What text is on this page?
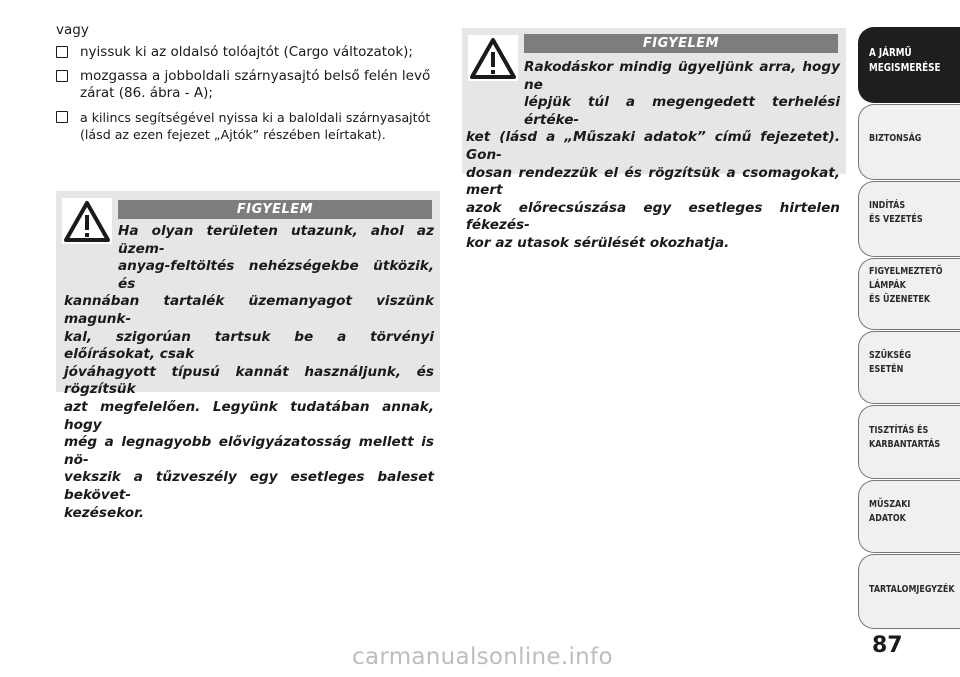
vagy
nyissuk ki az oldalsó tolóajtót (Cargo változatok);
mozgassa a jobboldali szárnyasajtó belső felén levő zárat (86. ábra - A);
a kilincs segítségével nyissa ki a baloldali szárnyasajtót (lásd az ezen fejezet „Ajtók” részében leírtakat).
FIGYELEM
Ha olyan területen utazunk, ahol az üzem-
anyag-feltöltés nehézségekbe ütközik, és
kannában tartalék üzemanyagot viszünk magunk-
kal, szigorúan tartsuk be a törvényi előírásokat, csak
jóváhagyott típusú kannát használjunk, és rögzítsük
azt megfelelően. Legyünk tudatában annak, hogy
még a legnagyobb elővigyázatosság mellett is nö-
vekszik a tűzveszély egy esetleges baleset bekövet-
kezésekor.
FIGYELEM
Rakodáskor mindig ügyeljünk arra, hogy ne
lépjük túl a megengedett terhelési értéke-
ket (lásd a „Műszaki adatok” című fejezetet). Gon-
dosan rendezzük el és rögzítsük a csomagokat, mert
azok előrecsúszása egy esetleges hirtelen fékezés-
kor az utasok sérülését okozhatja.
A JÁRMŰ
MEGISMERÉSE
BIZTONSÁG
INDÍTÁS
ÉS VEZETÉS
FIGYELMEZTETŐ
LÁMPÁK
ÉS ÜZENETEK
SZÜKSÉG
ESETÉN
TISZTÍTÁS ÉS
KARBANTARTÁS
MŰSZAKI
ADATOK
TARTALOMJEGYZÉK
87
carmanualsonline.info
